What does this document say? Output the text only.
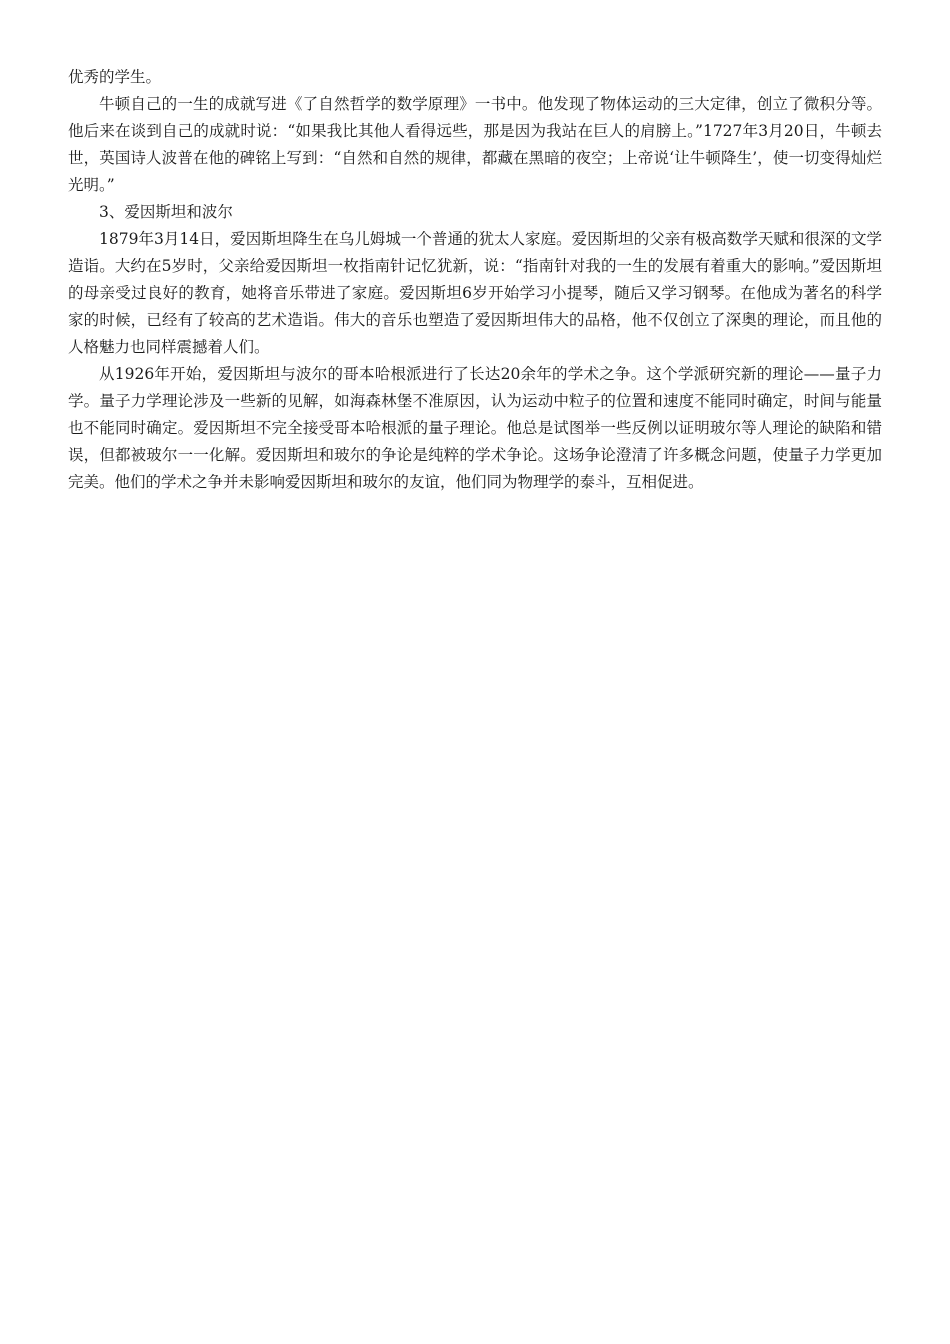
优秀的学生。

牛顿自己的一生的成就写进《了自然哲学的数学原理》一书中。他发现了物体运动的三大定律，创立了微积分等。他后来在谈到自己的成就时说：“如果我比其他人看得远些，那是因为我站在巨人的肩膀上。”1727年3月20日，牛顿去世，英国诗人波普在他的碑铭上写到：“自然和自然的规律，都藏在黑暗的夜空；上帝说‘让牛顿降生’，使一切变得灿烂光明。”

3、爱因斯坦和波尔

1879年3月14日，爱因斯坦降生在乌儿姆城一个普通的犹太人家庭。爱因斯坦的父亲有极高数学天赋和很深的文学造诣。大约在5岁时，父亲给爱因斯坦一枚指南针记忆犹新，说：“指南针对我的一生的发展有着重大的影响。”爱因斯坦的母亲受过良好的教育，她将音乐带进了家庭。爱因斯坦6岁开始学习小提琴，随后又学习钢琴。在他成为著名的科学家的时候，已经有了较高的艺术造诣。伟大的音乐也塑造了爱因斯坦伟大的品格，他不仅创立了深奥的理论，而且他的人格魅力也同样震撼着人们。

从1926年开始，爱因斯坦与波尔的哥本哈根派进行了长达20余年的学术之争。这个学派研究新的理论——量子力学。量子力学理论涉及一些新的见解，如海森林堡不准原因，认为运动中粒子的位置和速度不能同时确定，时间与能量也不能同时确定。爱因斯坦不完全接受哥本哈根派的量子理论。他总是试图举一些反例以证明玻尔等人理论的缺陷和错误，但都被玻尔一一化解。爱因斯坦和玻尔的争论是纯粹的学术争论。这场争论澄清了许多概念问题，使量子力学更加完美。他们的学术之争并未影响爱因斯坦和玻尔的友谊，他们同为物理学的泰斗，互相促进。
